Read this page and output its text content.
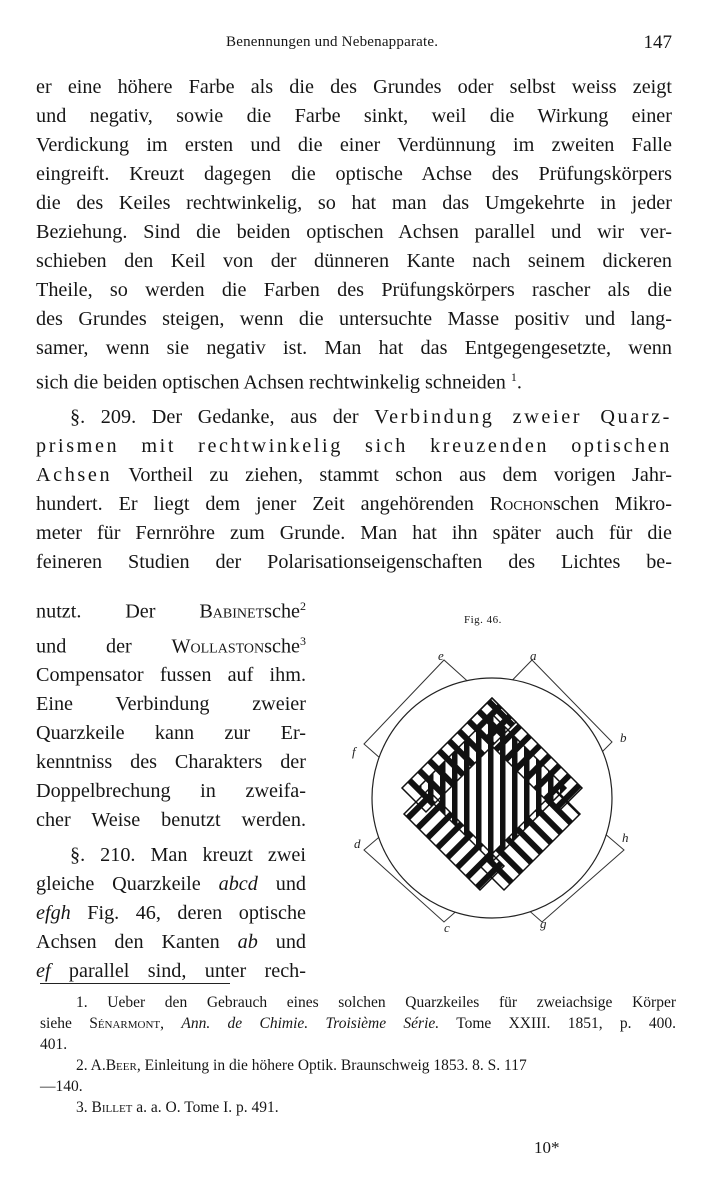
Benennungen und Nebenapparate.	147
er eine höhere Farbe als die des Grundes oder selbst weiss zeigt
und negativ, sowie die Farbe sinkt, weil die Wirkung einer
Verdickung im ersten und die einer Verdünnung im zweiten Falle
eingreift. Kreuzt dagegen die optische Achse des Prüfungskörpers
die des Keiles rechtwinkelig, so hat man das Umgekehrte in jeder
Beziehung. Sind die beiden optischen Achsen parallel und wir ver-
schieben den Keil von der dünneren Kante nach seinem dickeren
Theile, so werden die Farben des Prüfungskörpers rascher als die
des Grundes steigen, wenn die untersuchte Masse positiv und lang-
samer, wenn sie negativ ist. Man hat das Entgegengesetzte, wenn
sich die beiden optischen Achsen rechtwinkelig schneiden $^1$.
§. 209. Der Gedanke, aus der Verbindung zweier Quarz-
prismen mit rechtwinkelig sich kreuzenden optischen
Achsen Vortheil zu ziehen, stammt schon aus dem vorigen Jahr-
hundert. Er liegt dem jener Zeit angehörenden Rochonschen Mikro-
meter für Fernröhre zum Grunde. Man hat ihn später auch für die
feineren Studien der Polarisationseigenschaften des Lichtes be-
nutzt. Der Babinetsche$^2$
und der Wollastonsche$^3$
Compensator fussen auf ihm.
Eine Verbindung zweier
Quarzkeile kann zur Er-
kenntniss des Charakters der
Doppelbrechung in zweifa-
cher Weise benutzt werden.
§. 210. Man kreuzt zwei
gleiche Quarzkeile abcd und
efgh Fig. 46, deren optische
Achsen den Kanten ab und
ef parallel sind, unter rech-
Fig. 46.
e	a
b
f
d	h
c	g
1. Ueber den Gebrauch eines solchen Quarzkeiles für zweiachsige Körper
siehe Sénarmont, Ann. de Chimie. Troisième Série. Tome XXIII. 1851, p. 400.
401.
2. A.Beer, Einleitung in die höhere Optik. Braunschweig 1853. 8. S. 117
—140.
3. Billet a. a. O. Tome I. p. 491.
10*
